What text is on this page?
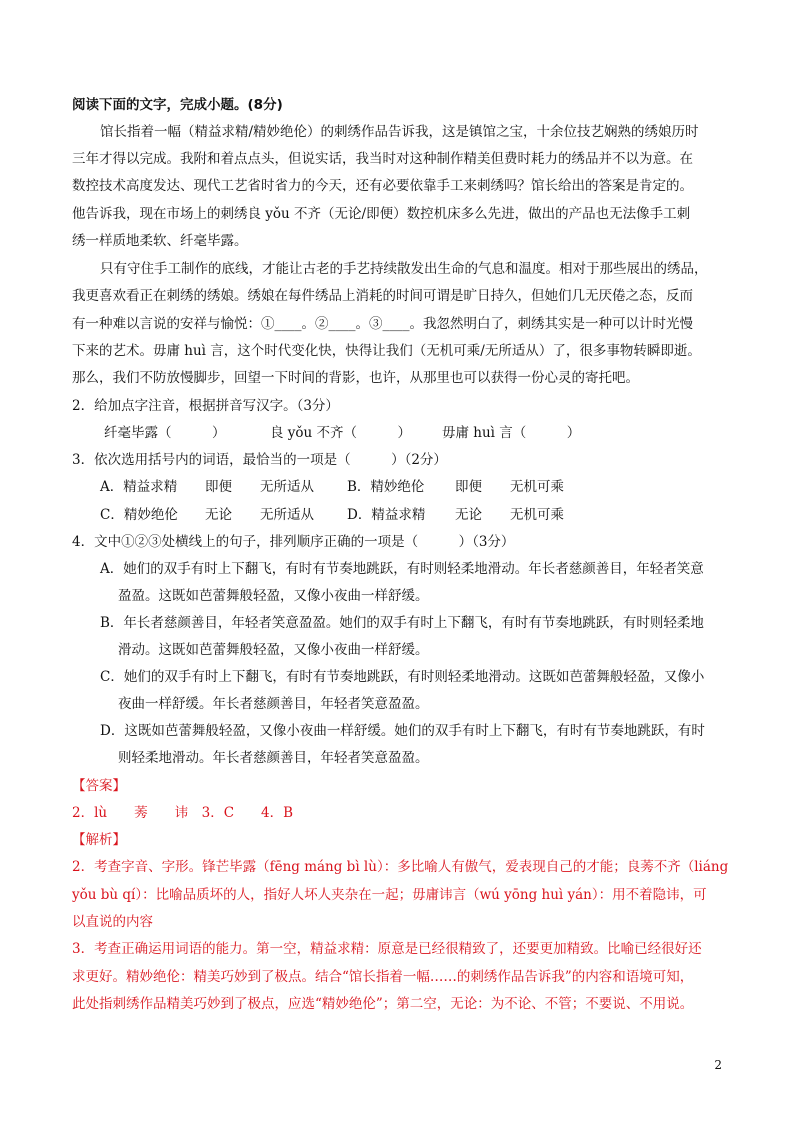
阅读下面的文字，完成小题。(8分)
馆长指着一幅（精益求精/精妙绝伦）的刺绣作品告诉我，这是镇馆之宝，十余位技艺娴熟的绣娘历时
三年才得以完成。我附和着点点头，但说实话，我当时对这种制作精美但费时耗力的绣品并不以为意。在
数控技术高度发达、现代工艺省时省力的今天，还有必要依靠手工来刺绣吗？馆长给出的答案是肯定的。
他告诉我，现在市场上的刺绣良 yǒu 不齐（无论/即便）数控机床多么先进，做出的产品也无法像手工刺
绣一样质地柔软、纤毫毕露。
只有守住手工制作的底线，才能让古老的手艺持续散发出生命的气息和温度。相对于那些展出的绣品，
我更喜欢看正在刺绣的绣娘。绣娘在每件绣品上消耗的时间可谓是旷日持久，但她们几无厌倦之态，反而
有一种难以言说的安祥与愉悦：①____。②____。③____。我忽然明白了，刺绣其实是一种可以计时光慢
下来的艺术。毋庸 huì 言，这个时代变化快，快得让我们（无机可乘/无所适从）了，很多事物转瞬即逝。
那么，我们不防放慢脚步，回望一下时间的背影，也许，从那里也可以获得一份心灵的寄托吧。
2．给加点字注音，根据拼音写汉字。（3分）
纤毫毕露（　　　）	良 yǒu 不齐（　　　） 毋庸 huì 言（　　　）
3．依次选用括号内的词语，最恰当的一项是（　　　）（2分）
A．精益求精 即便 无所适从 B．精妙绝伦 即便 无机可乘
C．精妙绝伦 无论 无所适从 D．精益求精 无论 无机可乘
4．文中①②③处横线上的句子，排列顺序正确的一项是（　　　）（3分）
A．她们的双手有时上下翻飞，有时有节奏地跳跃，有时则轻柔地滑动。年长者慈颜善目，年轻者笑意
盈盈。这既如芭蕾舞般轻盈，又像小夜曲一样舒缓。
B．年长者慈颜善目，年轻者笑意盈盈。她们的双手有时上下翻飞，有时有节奏地跳跃，有时则轻柔地
滑动。这既如芭蕾舞般轻盈，又像小夜曲一样舒缓。
C．她们的双手有时上下翻飞，有时有节奏地跳跃，有时则轻柔地滑动。这既如芭蕾舞般轻盈，又像小
夜曲一样舒缓。年长者慈颜善目，年轻者笑意盈盈。
D．这既如芭蕾舞般轻盈，又像小夜曲一样舒缓。她们的双手有时上下翻飞，有时有节奏地跳跃，有时
则轻柔地滑动。年长者慈颜善目，年轻者笑意盈盈。
【答案】
2．lù　　莠　　讳　3．C　　4．B
【解析】
2．考查字音、字形。锋芒毕露（fēng máng bì lù）：多比喻人有傲气，爱表现自己的才能；良莠不齐（liáng
yǒu bù qí）：比喻品质坏的人，指好人坏人夹杂在一起；毋庸讳言（wú yōng huì yán）：用不着隐讳，可
以直说的内容
3．考查正确运用词语的能力。第一空，精益求精：原意是已经很精致了，还要更加精致。比喻已经很好还
求更好。精妙绝伦：精美巧妙到了极点。结合“馆长指着一幅……的刺绣作品告诉我”的内容和语境可知，
此处指刺绣作品精美巧妙到了极点，应选“精妙绝伦”；第二空，无论：为不论、不管；不要说、不用说。
2
